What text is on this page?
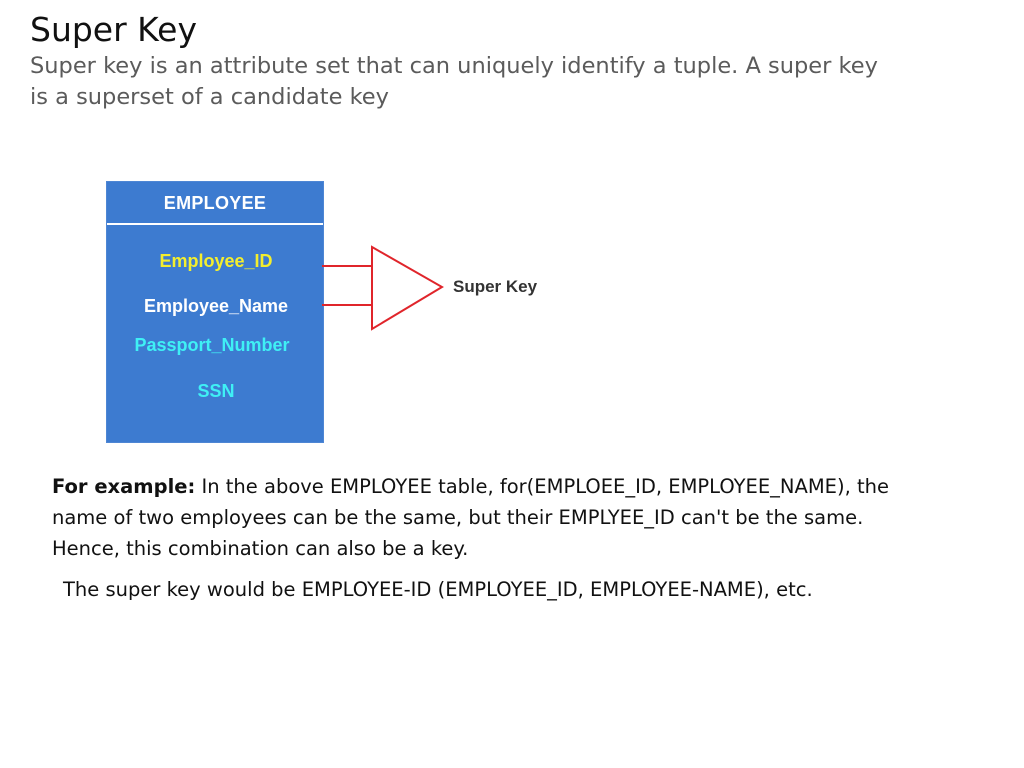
Super Key
Super key is an attribute set that can uniquely identify a tuple. A super key
is a superset of a candidate key
EMPLOYEE
Employee_ID
Employee_Name
Passport_Number
SSN
Super Key
For example: In the above EMPLOYEE table, for(EMPLOEE_ID, EMPLOYEE_NAME), the
name of two employees can be the same, but their EMPLYEE_ID can't be the same.
Hence, this combination can also be a key.
The super key would be EMPLOYEE-ID (EMPLOYEE_ID, EMPLOYEE-NAME), etc.
